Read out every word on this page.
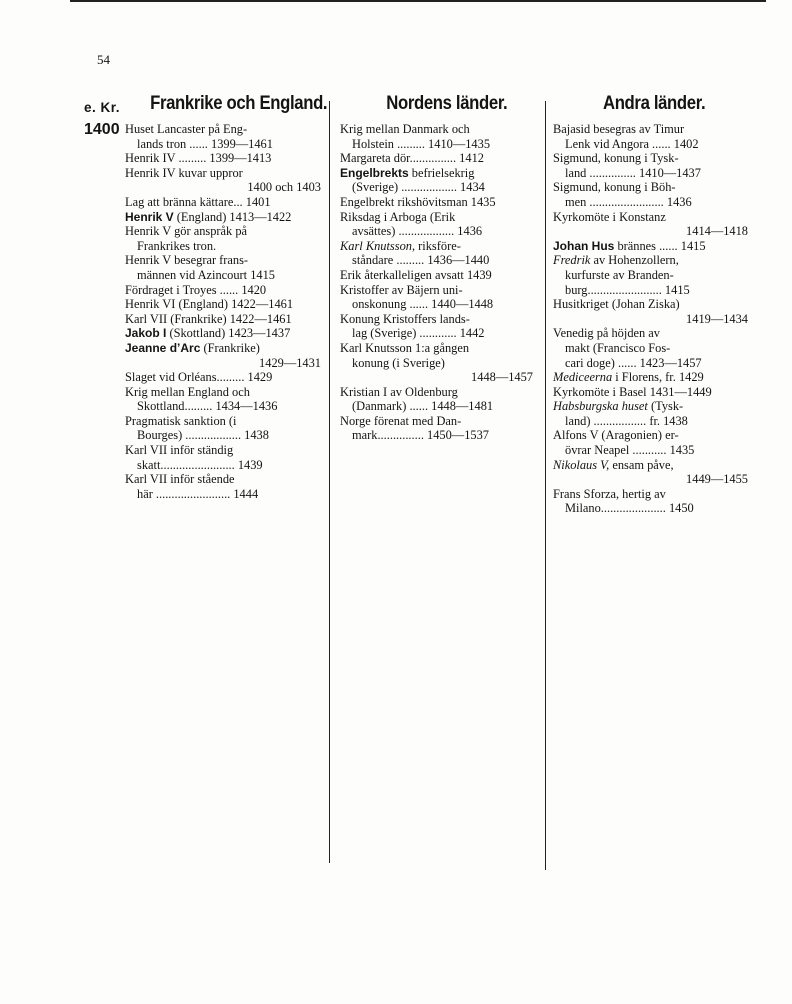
54
e. Kr.
1400
Frankrike och England.	Nordens länder.	Andra länder.
Huset Lancaster på Eng-
lands tron ...... 1399—1461
Henrik IV ......... 1399—1413
Henrik IV kuvar uppror
1400 och 1403
Lag att bränna kättare... 1401
Henrik V (England) 1413—1422
Henrik V gör anspråk på
Frankrikes tron.
Henrik V besegrar frans-
männen vid Azincourt 1415
Fördraget i Troyes ...... 1420
Henrik VI (England) 1422—1461
Karl VII (Frankrike) 1422—1461
Jakob I (Skottland) 1423—1437
Jeanne d’Arc (Frankrike)
1429—1431
Slaget vid Orléans......... 1429
Krig mellan England och
Skottland......... 1434—1436
Pragmatisk sanktion (i
Bourges) .................. 1438
Karl VII inför ständig
skatt........................ 1439
Karl VII inför stående
här ........................ 1444
Krig mellan Danmark och
Holstein ......... 1410—1435
Margareta dör............... 1412
Engelbrekts befrielsekrig
(Sverige) .................. 1434
Engelbrekt rikshövitsman 1435
Riksdag i Arboga (Erik
avsättes) .................. 1436
Karl Knutsson, riksföre-
ståndare ......... 1436—1440
Erik återkalleligen avsatt 1439
Kristoffer av Bäjern uni-
onskonung ...... 1440—1448
Konung Kristoffers lands-
lag (Sverige) ............ 1442
Karl Knutsson 1:a gången
konung (i Sverige)
1448—1457
Kristian I av Oldenburg
(Danmark) ...... 1448—1481
Norge förenat med Dan-
mark............... 1450—1537
Bajasid besegras av Timur
Lenk vid Angora ...... 1402
Sigmund, konung i Tysk-
land ............... 1410—1437
Sigmund, konung i Böh-
men ........................ 1436
Kyrkomöte i Konstanz
1414—1418
Johan Hus brännes ...... 1415
Fredrik av Hohenzollern,
kurfurste av Branden-
burg........................ 1415
Husitkriget (Johan Ziska)
1419—1434
Venedig på höjden av
makt (Francisco Fos-
cari doge) ...... 1423—1457
Mediceerna i Florens, fr. 1429
Kyrkomöte i Basel 1431—1449
Habsburgska huset (Tysk-
land) ................. fr. 1438
Alfons V (Aragonien) er-
övrar Neapel ........... 1435
Nikolaus V, ensam påve,
1449—1455
Frans Sforza, hertig av
Milano..................... 1450
